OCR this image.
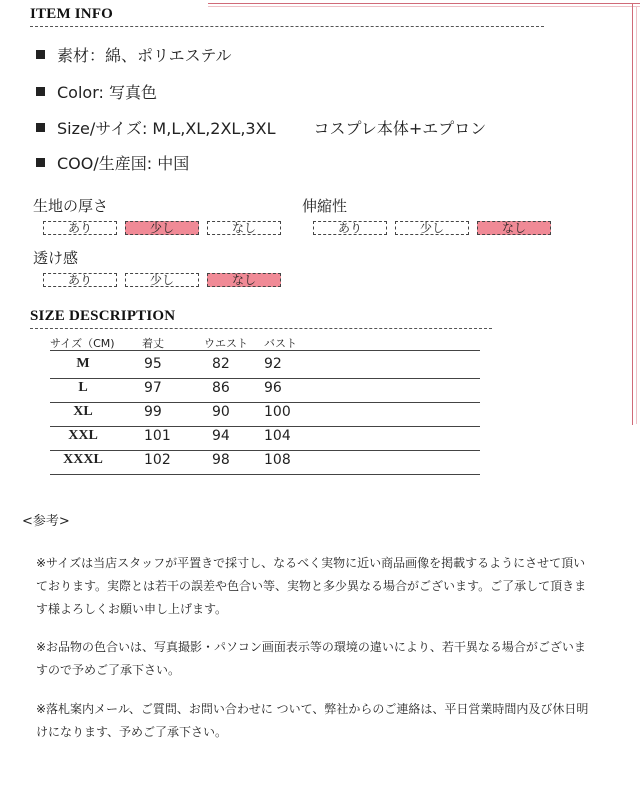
ITEM INFO
素材：綿、ポリエステル
Color: 写真色
Size/サイズ: M,L,XL,2XL,3XL コスプレ本体+エプロン
COO/生産国: 中国
生地の厚さ
あり	少し	なし
伸縮性
あり	少し	なし
透け感
あり	少し	なし
SIZE DESCRIPTION
サイズ（CM) 着丈	ウエスト バスト
M	95	82 92
L	97	86 96
XL	99	90 100
XXL	101	94 104
XXXL	102	98 108
<参考>
※サイズは当店スタッフが平置きで採寸し、なるべく実物に近い商品画像を掲載するようにさせて頂いております。実際とは若干の誤差や色合い等、実物と多少異なる場合がございます。ご了承して頂きます様よろしくお願い申し上げます。
※お品物の色合いは、写真撮影・パソコン画面表示等の環境の違いにより、若干異なる場合がございますので予めご了承下さい。
※落札案内メール、ご質問、お問い合わせに ついて、弊社からのご連絡は、平日営業時間内及び休日明けになります、予めご了承下さい。
